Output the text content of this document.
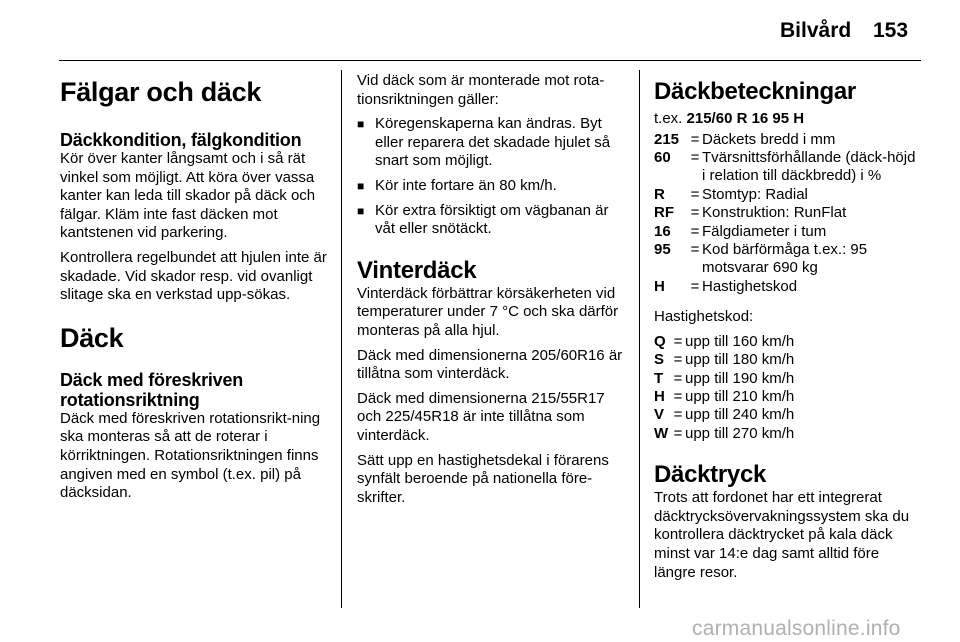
Bilvård 153
Fälgar och däck
Däckkondition, fälgkondition

Kör över kanter långsamt och i så rät vinkel som möjligt. Att köra över vassa kanter kan leda till skador på däck och fälgar. Kläm inte fast däcken mot kantstenen vid parkering.

Kontrollera regelbundet att hjulen inte är skadade. Vid skador resp. vid ovanligt slitage ska en verkstad upp-sökas.

Däck
Däck med föreskriven rotationsriktning

Däck med föreskriven rotationsrikt-ning ska monteras så att de roterar i körriktningen. Rotationsriktningen finns angiven med en symbol (t.ex. pil) på däcksidan.

Vid däck som är monterade mot rota-tionsriktningen gäller:

■ Köregenskaperna kan ändras. Byt eller reparera det skadade hjulet så snart som möjligt.
■ Kör inte fortare än 80 km/h.
■ Kör extra försiktigt om vägbanan är våt eller snötäckt.
Vinterdäck

Vinterdäck förbättrar körsäkerheten vid temperaturer under 7 °C och ska därför monteras på alla hjul.

Däck med dimensionerna 205/60R16 är tillåtna som vinterdäck.

Däck med dimensionerna 215/55R17 och 225/45R18 är inte tillåtna som vinterdäck.

Sätt upp en hastighetsdekal i förarens synfält beroende på nationella före-skrifter.

Däckbeteckningar
t.ex. 215/60 R 16 95 H
215	=	Däckets bredd i mm
60	=	Tvärsnittsförhållande (däck-höjd i relation till däckbredd) i %
R	=	Stomtyp: Radial
RF	=	Konstruktion: RunFlat
16	=	Fälgdiameter i tum
95	=	Kod bärförmåga t.ex.: 95 motsvarar 690 kg
H	=	Hastighetskod
Hastighetskod:
Q	=	upp till 160 km/h
S	=	upp till 180 km/h
T	=	upp till 190 km/h
H	=	upp till 210 km/h
V	=	upp till 240 km/h
W	=	upp till 270 km/h
Däcktryck

Trots att fordonet har ett integrerat däcktrycksövervakningssystem ska du kontrollera däcktrycket på kala däck minst var 14:e dag samt alltid före längre resor.

carmanualsonline.info
